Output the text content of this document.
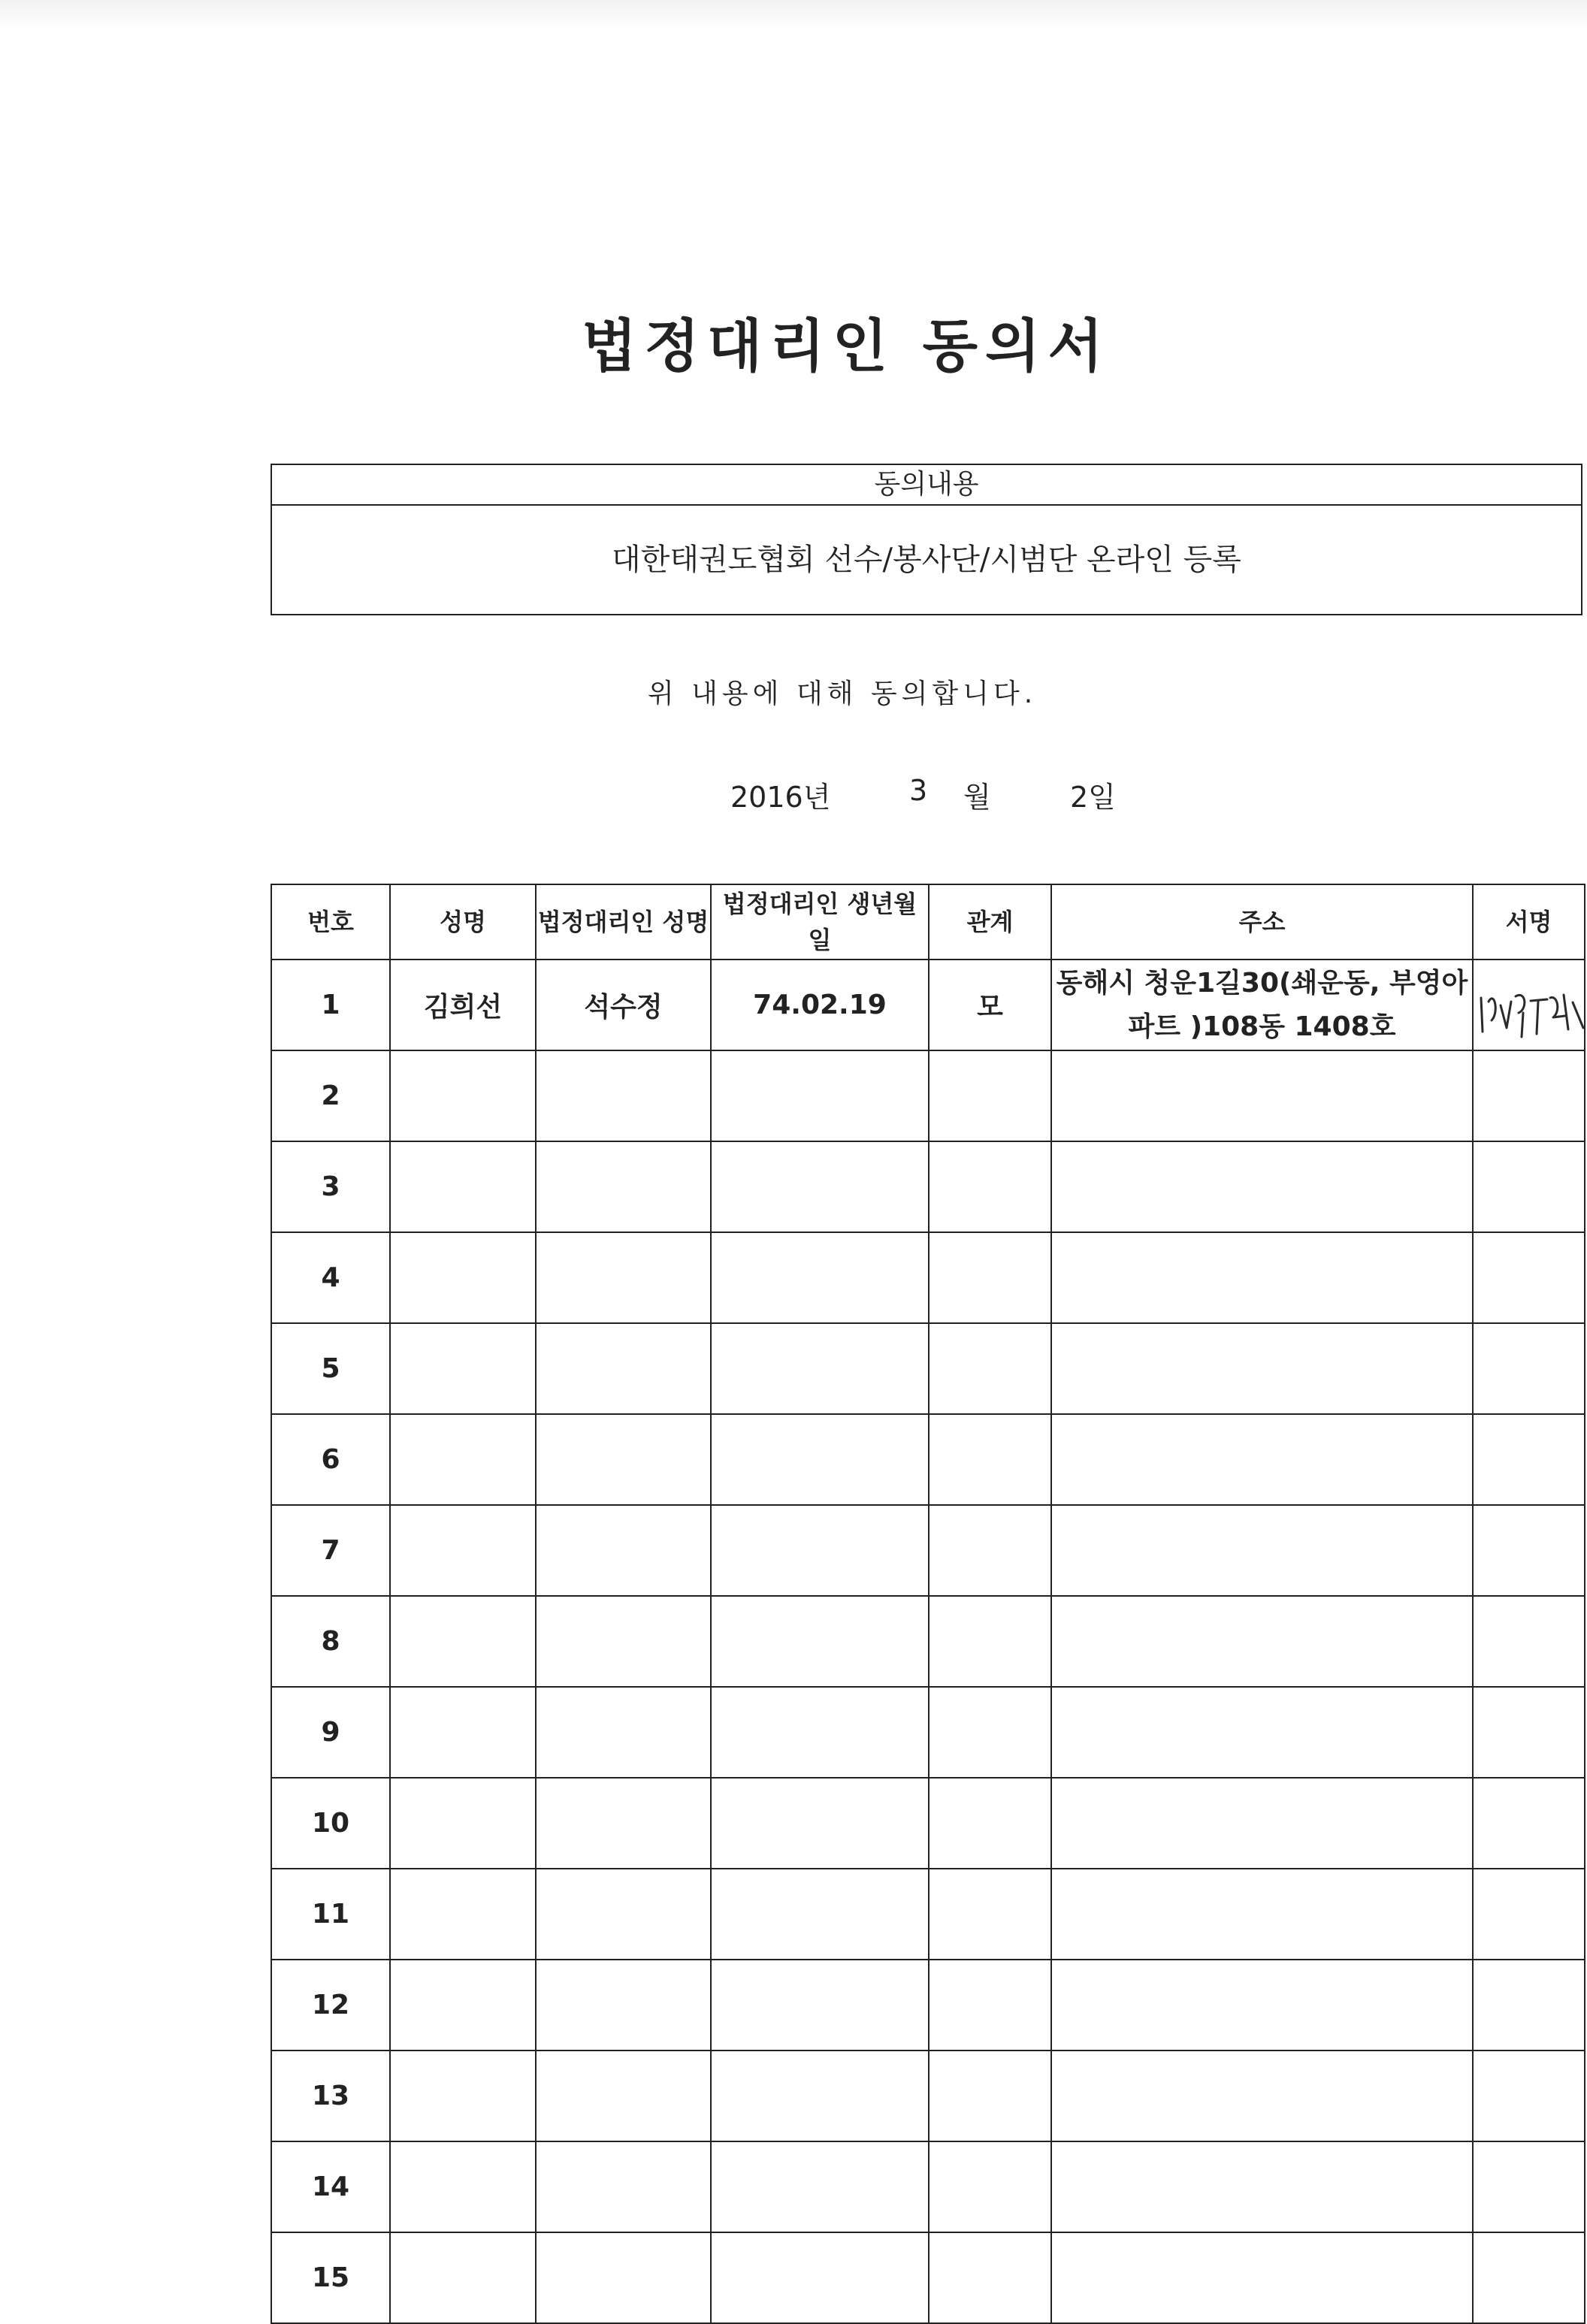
법정대리인 동의서
동의내용
대한태권도협회 선수/봉사단/시범단 온라인 등록
위 내용에 대해 동의합니다.
2016년	3 월	2일
번호	성명	법정대리인 성명	법정대리인 생년월일	관계	주소	서명
1	김희선	석수정	74.02.19	모	동해시 청운1길30(쇄운동, 부영아파트 )108동 1408호	

2						
3						
4						
5						
6						
7						
8						
9						
10						
11						
12						
13						
14						
15						
